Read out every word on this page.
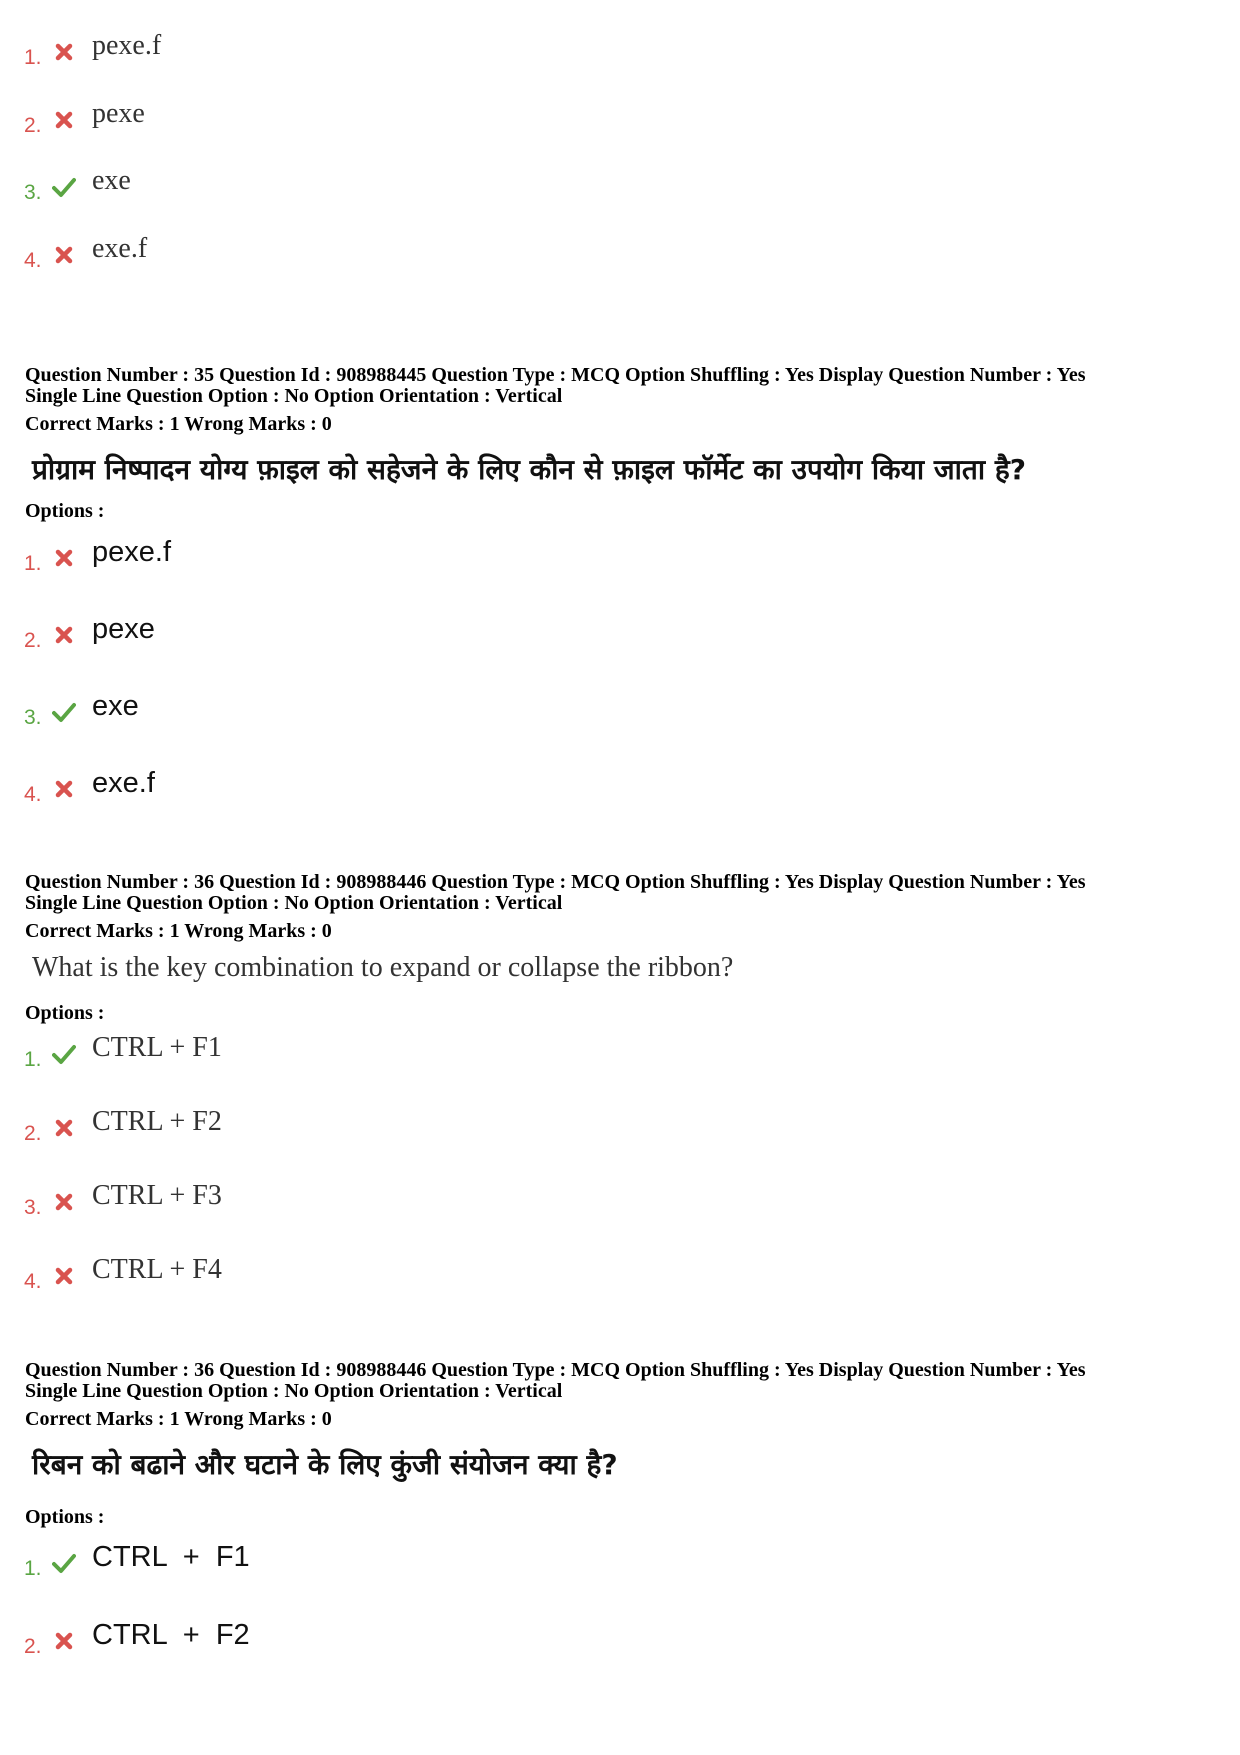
1. pexe.f
2. pexe
3. exe
4. exe.f
Question Number : 35 Question Id : 908988445 Question Type : MCQ Option Shuffling : Yes Display Question Number : Yes
Single Line Question Option : No Option Orientation : Vertical
Correct Marks : 1 Wrong Marks : 0
प्रोग्राम निष्पादन योग्य फ़ाइल को सहेजने के लिए कौन से फ़ाइल फॉर्मेट का उपयोग किया जाता है?
Options :
1. pexe.f
2. pexe
3. exe
4. exe.f
Question Number : 36 Question Id : 908988446 Question Type : MCQ Option Shuffling : Yes Display Question Number : Yes
Single Line Question Option : No Option Orientation : Vertical
Correct Marks : 1 Wrong Marks : 0
What is the key combination to expand or collapse the ribbon?
Options :
1. CTRL + F1
2. CTRL + F2
3. CTRL + F3
4. CTRL + F4
Question Number : 36 Question Id : 908988446 Question Type : MCQ Option Shuffling : Yes Display Question Number : Yes
Single Line Question Option : No Option Orientation : Vertical
Correct Marks : 1 Wrong Marks : 0
रिबन को बढाने और घटाने के लिए कुंजी संयोजन क्या है?
Options :
1. CTRL  +  F1
2. CTRL  +  F2
